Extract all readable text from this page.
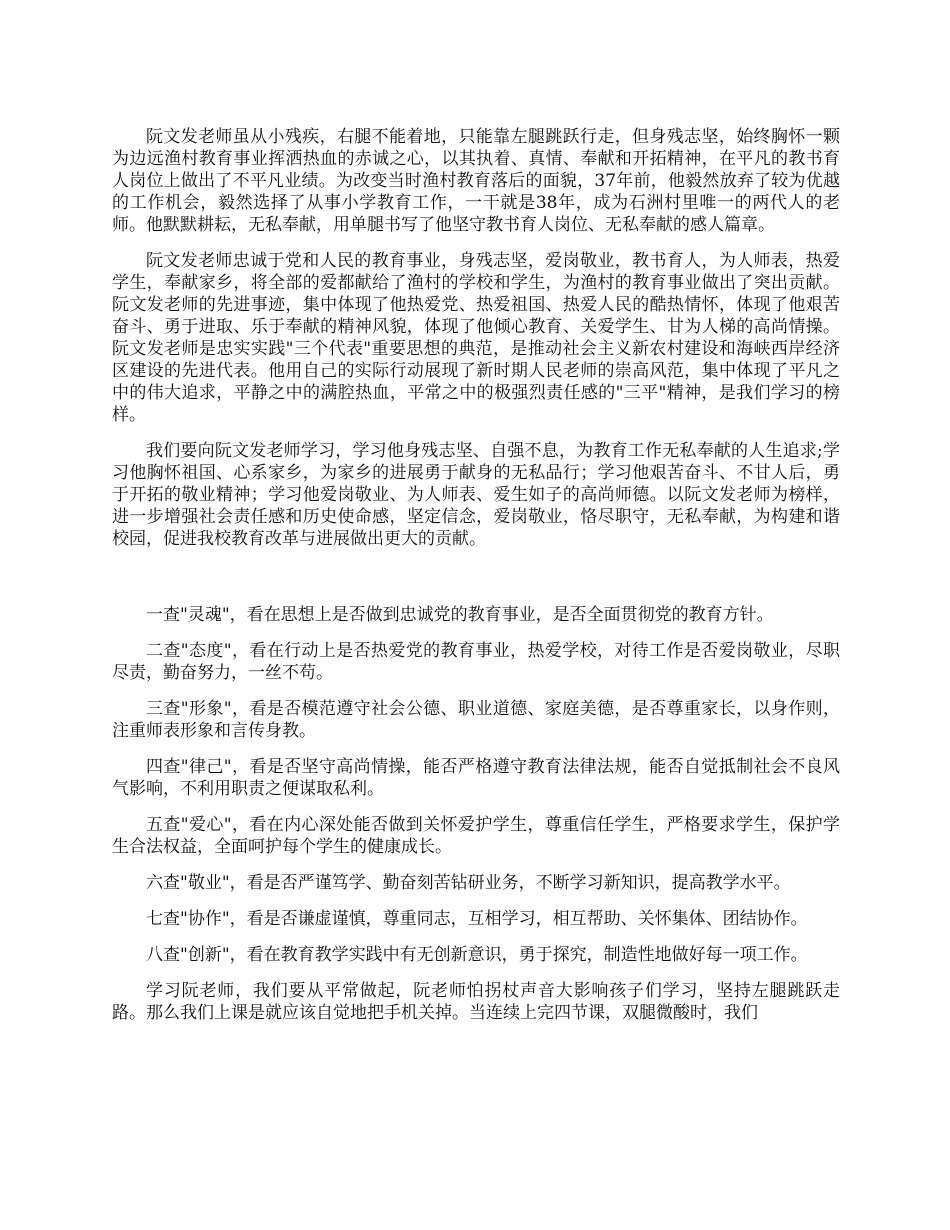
阮文发老师虽从小残疾，右腿不能着地，只能靠左腿跳跃行走，但身残志坚，始终胸怀一颗为边远渔村教育事业挥洒热血的赤诚之心，以其执着、真情、奉献和开拓精神，在平凡的教书育人岗位上做出了不平凡业绩。为改变当时渔村教育落后的面貌，37年前，他毅然放弃了较为优越的工作机会，毅然选择了从事小学教育工作，一干就是38年，成为石洲村里唯一的两代人的老师。他默默耕耘，无私奉献，用单腿书写了他坚守教书育人岗位、无私奉献的感人篇章。

阮文发老师忠诚于党和人民的教育事业，身残志坚，爱岗敬业，教书育人，为人师表，热爱学生，奉献家乡，将全部的爱都献给了渔村的学校和学生，为渔村的教育事业做出了突出贡献。阮文发老师的先进事迹，集中体现了他热爱党、热爱祖国、热爱人民的酷热情怀，体现了他艰苦奋斗、勇于进取、乐于奉献的精神风貌，体现了他倾心教育、关爱学生、甘为人梯的高尚情操。阮文发老师是忠实实践"三个代表"重要思想的典范，是推动社会主义新农村建设和海峡西岸经济区建设的先进代表。他用自己的实际行动展现了新时期人民老师的崇高风范，集中体现了平凡之中的伟大追求，平静之中的满腔热血，平常之中的极强烈责任感的"三平"精神，是我们学习的榜样。

我们要向阮文发老师学习，学习他身残志坚、自强不息，为教育工作无私奉献的人生追求;学习他胸怀祖国、心系家乡，为家乡的进展勇于献身的无私品行；学习他艰苦奋斗、不甘人后，勇于开拓的敬业精神；学习他爱岗敬业、为人师表、爱生如子的高尚师德。以阮文发老师为榜样，进一步增强社会责任感和历史使命感，坚定信念，爱岗敬业，恪尽职守，无私奉献，为构建和谐校园，促进我校教育改革与进展做出更大的贡献。

一查"灵魂"，看在思想上是否做到忠诚党的教育事业，是否全面贯彻党的教育方针。

二查"态度"，看在行动上是否热爱党的教育事业，热爱学校，对待工作是否爱岗敬业，尽职尽责，勤奋努力，一丝不苟。

三查"形象"，看是否模范遵守社会公德、职业道德、家庭美德，是否尊重家长，以身作则，注重师表形象和言传身教。

四查"律己"，看是否坚守高尚情操，能否严格遵守教育法律法规，能否自觉抵制社会不良风气影响，不利用职责之便谋取私利。

五查"爱心"，看在内心深处能否做到关怀爱护学生，尊重信任学生，严格要求学生，保护学生合法权益，全面呵护每个学生的健康成长。

六查"敬业"，看是否严谨笃学、勤奋刻苦钻研业务，不断学习新知识，提高教学水平。

七查"协作"，看是否谦虚谨慎，尊重同志，互相学习，相互帮助、关怀集体、团结协作。

八查"创新"，看在教育教学实践中有无创新意识，勇于探究，制造性地做好每一项工作。

学习阮老师，我们要从平常做起，阮老师怕拐杖声音大影响孩子们学习，坚持左腿跳跃走路。那么我们上课是就应该自觉地把手机关掉。当连续上完四节课，双腿微酸时，我们
